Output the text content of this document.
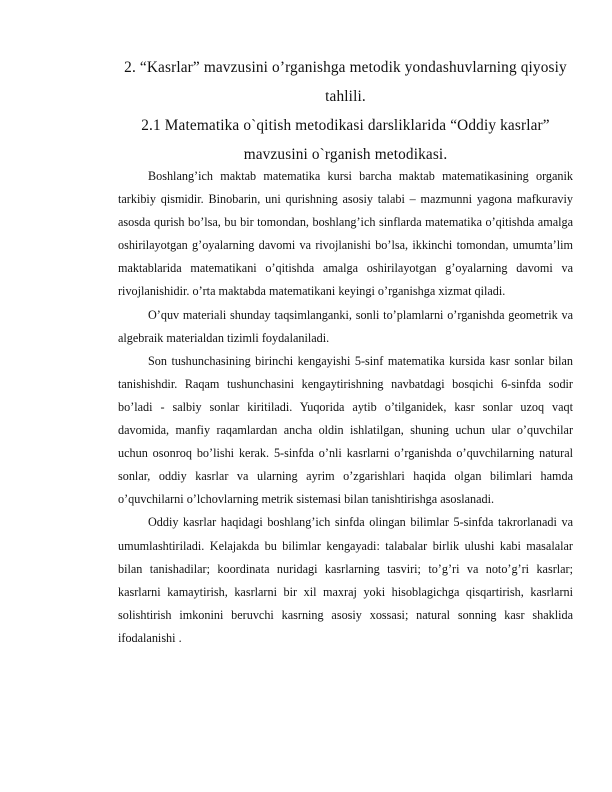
2. “Kasrlar” mavzusini o’rganishga metodik yondashuvlarning qiyosiy tahlili.
2.1 Matematika o`qitish metodikasi darsliklarida “Oddiy kasrlar” mavzusini o`rganish metodikasi.

Boshlang’ich maktab matematika kursi barcha maktab matematikasining organik tarkibiy qismidir. Binobarin, uni qurishning asosiy talabi – mazmunni yagona mafkuraviy asosda qurish bo’lsa, bu bir tomondan, boshlang’ich sinflarda matematika o’qitishda amalga oshirilayotgan g’oyalarning davomi va rivojlanishi bo’lsa, ikkinchi tomondan, umumta’lim maktablarida matematikani o’qitishda amalga oshirilayotgan g’oyalarning davomi va rivojlanishidir. o’rta maktabda matematikani keyingi o’rganishga xizmat qiladi.

O’quv materiali shunday taqsimlanganki, sonli to’plamlarni o’rganishda geometrik va algebraik materialdan tizimli foydalaniladi.

Son tushunchasining birinchi kengayishi 5-sinf matematika kursida kasr sonlar bilan tanishishdir. Raqam tushunchasini kengaytirishning navbatdagi bosqichi 6-sinfda sodir bo’ladi - salbiy sonlar kiritiladi. Yuqorida aytib o’tilganidek, kasr sonlar uzoq vaqt davomida, manfiy raqamlardan ancha oldin ishlatilgan, shuning uchun ular o’quvchilar uchun osonroq bo’lishi kerak. 5-sinfda o’nli kasrlarni o’rganishda o’quvchilarning natural sonlar, oddiy kasrlar va ularning ayrim o’zgarishlari haqida olgan bilimlari hamda o’quvchilarni o’lchovlarning metrik sistemasi bilan tanishtirishga asoslanadi.

Oddiy kasrlar haqidagi boshlang’ich sinfda olingan bilimlar 5-sinfda takrorlanadi va umumlashtiriladi. Kelajakda bu bilimlar kengayadi: talabalar birlik ulushi kabi masalalar bilan tanishadilar; koordinata nuridagi kasrlarning tasviri; to’g’ri va noto’g’ri kasrlar; kasrlarni kamaytirish, kasrlarni bir xil maxraj yoki hisoblagichga qisqartirish, kasrlarni solishtirish imkonini beruvchi kasrning asosiy xossasi; natural sonning kasr shaklida ifodalanishi .
